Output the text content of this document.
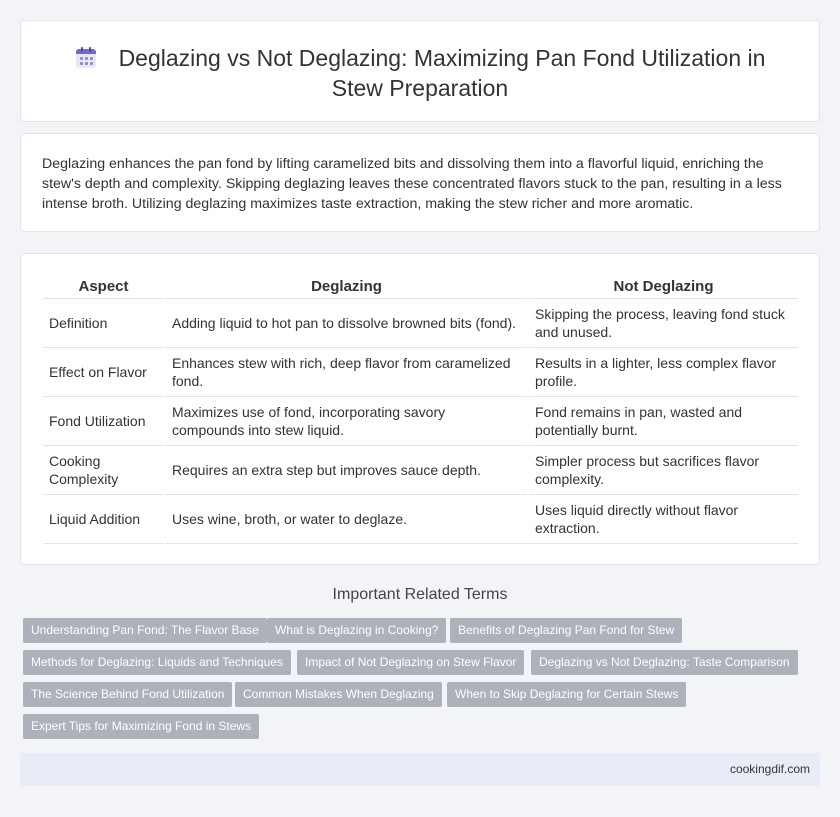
Deglazing vs Not Deglazing: Maximizing Pan Fond Utilization in Stew Preparation

Deglazing enhances the pan fond by lifting caramelized bits and dissolving them into a flavorful liquid, enriching the stew's depth and complexity. Skipping deglazing leaves these concentrated flavors stuck to the pan, resulting in a less intense broth. Utilizing deglazing maximizes taste extraction, making the stew richer and more aromatic.

Aspect	Deglazing	Not Deglazing
Definition	Adding liquid to hot pan to dissolve browned bits (fond).	Skipping the process, leaving fond stuck and unused.
Effect on Flavor	Enhances stew with rich, deep flavor from caramelized fond.	Results in a lighter, less complex flavor profile.
Fond Utilization	Maximizes use of fond, incorporating savory compounds into stew liquid.	Fond remains in pan, wasted and potentially burnt.
Cooking Complexity	Requires an extra step but improves sauce depth.	Simpler process but sacrifices flavor complexity.
Liquid Addition	Uses wine, broth, or water to deglaze.	Uses liquid directly without flavor extraction.
Important Related Terms
Understanding Pan Fond: The Flavor Base	What is Deglazing in Cooking?	Benefits of Deglazing Pan Fond for Stew
Methods for Deglazing: Liquids and Techniques	Impact of Not Deglazing on Stew Flavor	Deglazing vs Not Deglazing: Taste Comparison
The Science Behind Fond Utilization	Common Mistakes When Deglazing	When to Skip Deglazing for Certain Stews
Expert Tips for Maximizing Fond in Stews
cookingdif.com
